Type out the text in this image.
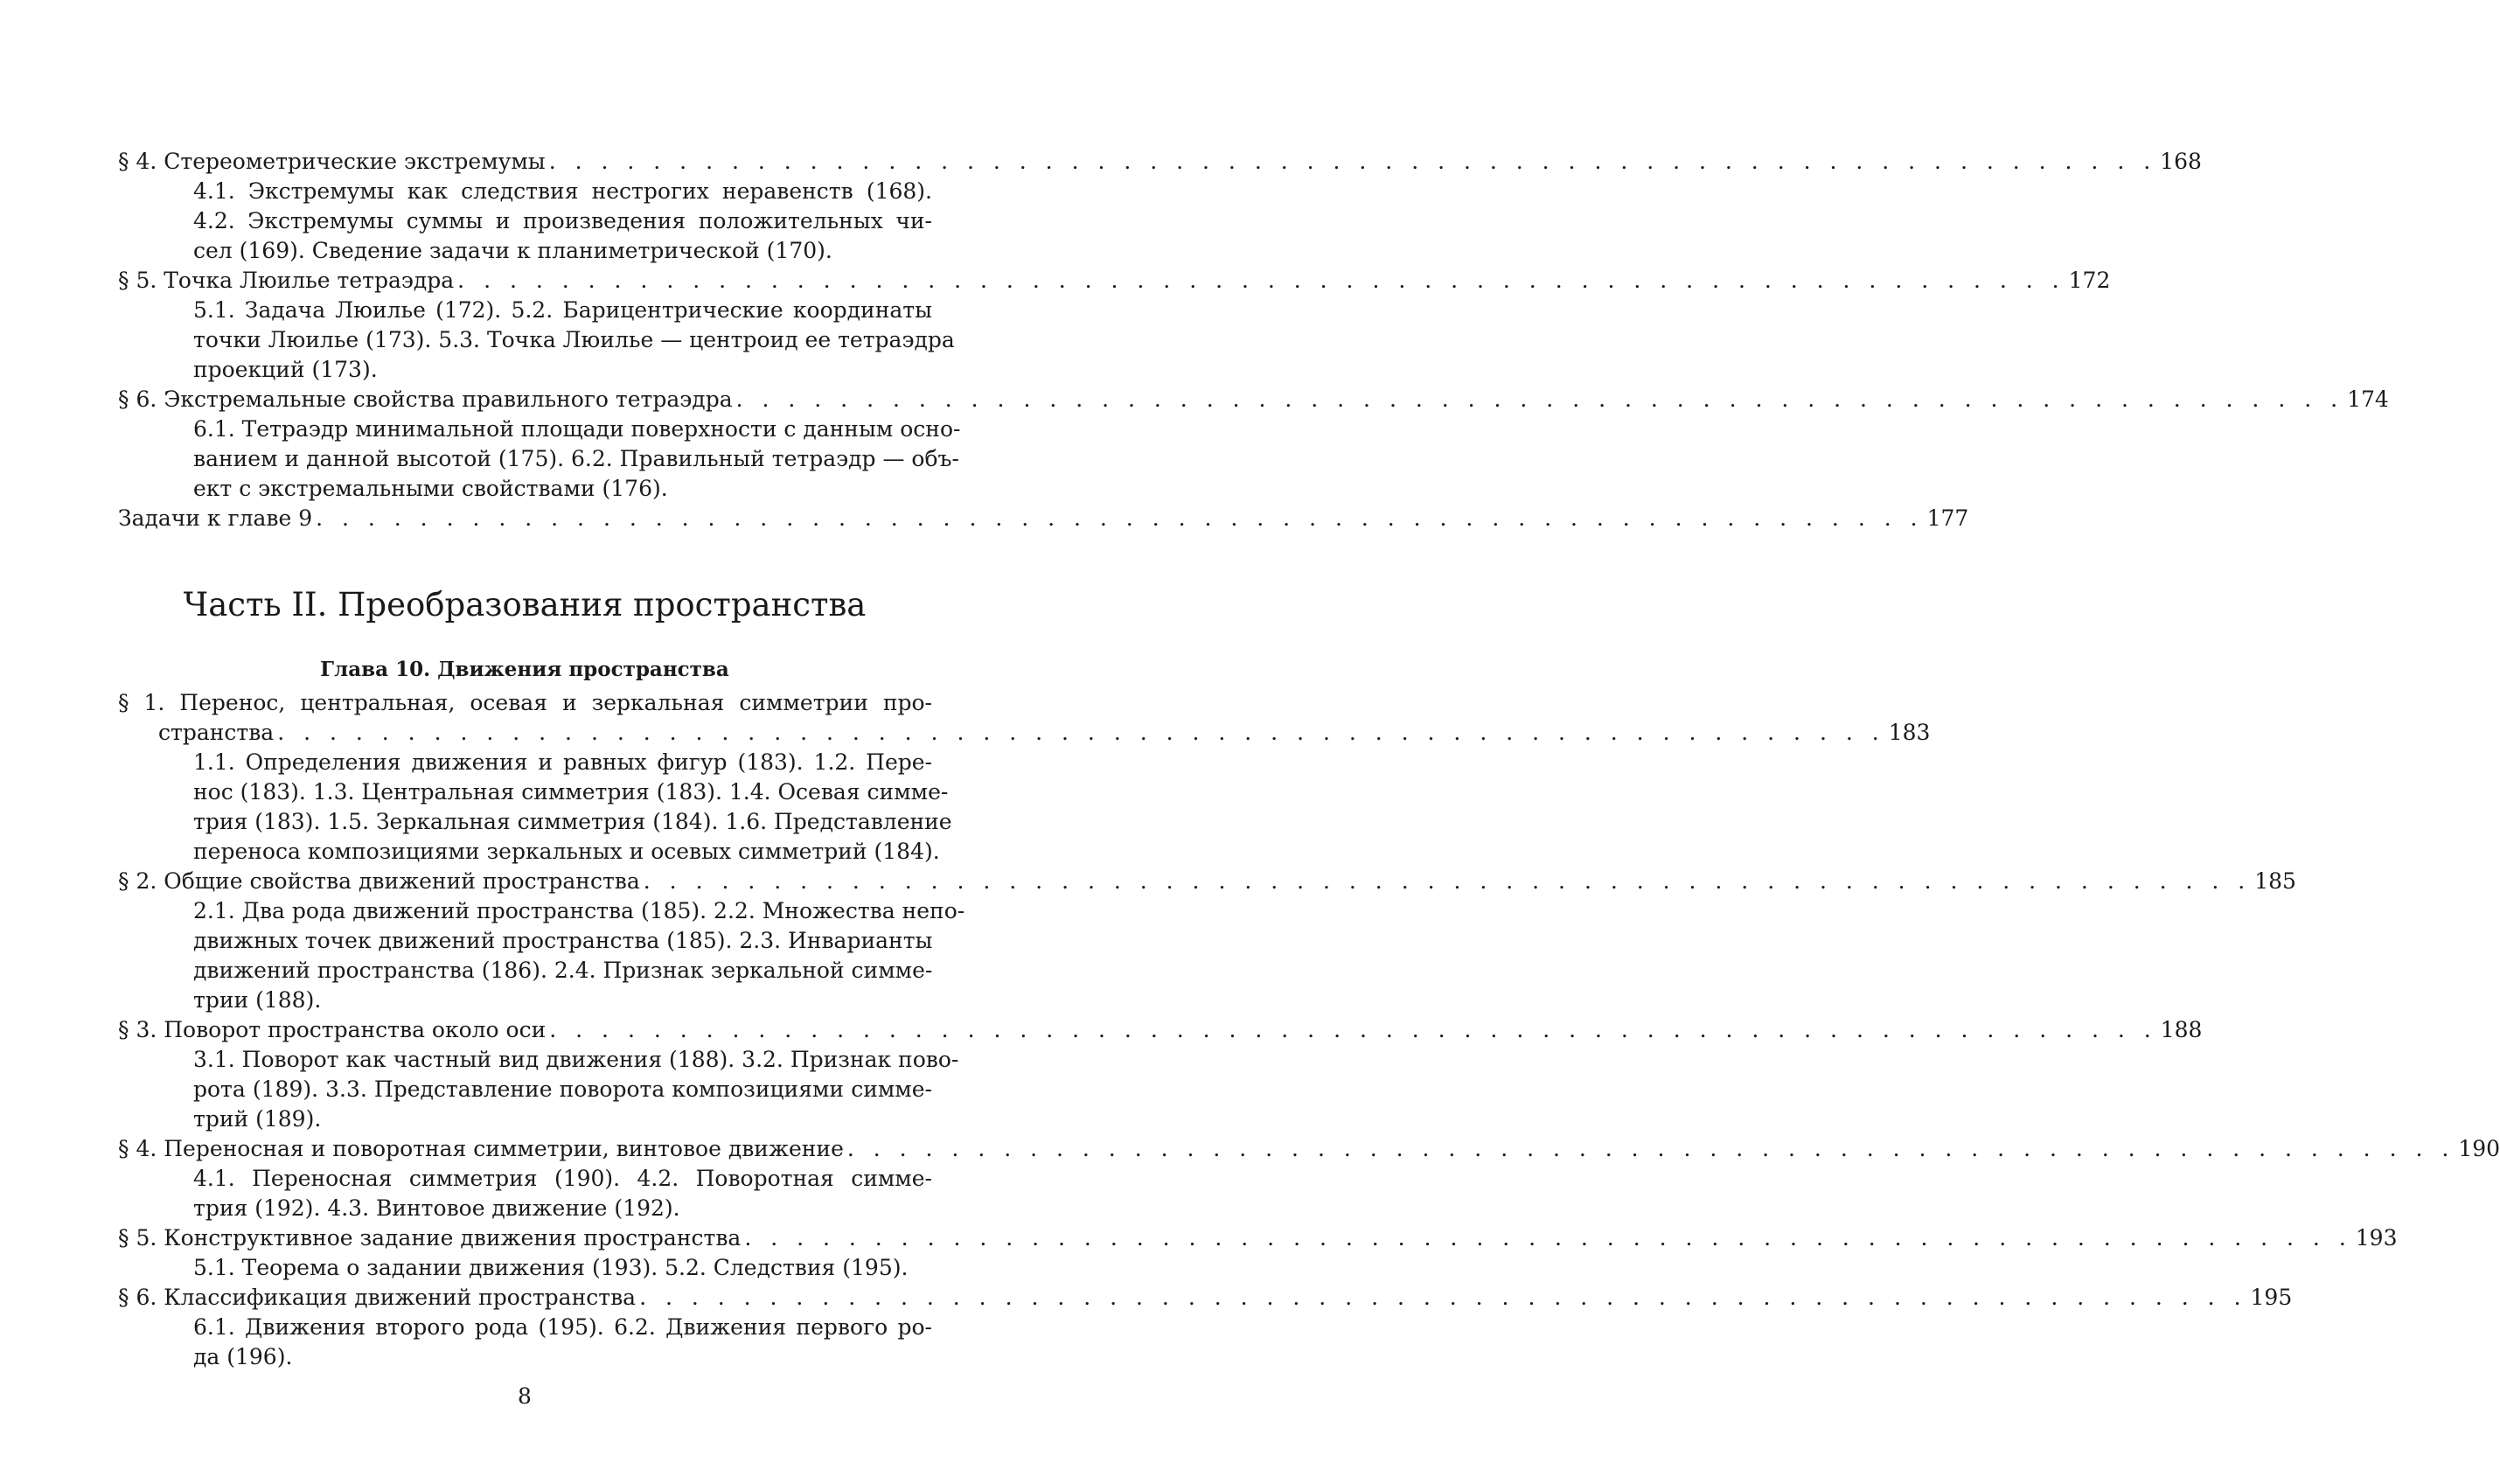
§ 4. Стереометрические экстремумы . . . . . . . . . . . . . . . . . . . . . . . . . . . . . . . . . . . . . . . . . . . . . . . . . . . . . . . . . . . . . . 168
4.1. Экстремумы как следствия нестрогих неравенств (168).
4.2. Экстремумы суммы и произведения положительных чи-
сел (169). Сведение задачи к планиметрической (170).
§ 5. Точка Люилье тетраэдра . . . . . . . . . . . . . . . . . . . . . . . . . . . . . . . . . . . . . . . . . . . . . . . . . . . . . . . . . . . . . . 172
5.1. Задача Люилье (172). 5.2. Барицентрические координаты
точки Люилье (173). 5.3. Точка Люилье — центроид ее тетраэдра
проекций (173).
§ 6. Экстремальные свойства правильного тетраэдра . . . . . . . . . . . . . . . . . . . . . . . . . . . . . . . . . . . . . . . . . . . . . . . . . . . . . . . . . . . . . . 174
6.1. Тетраэдр минимальной площади поверхности с данным осно-
ванием и данной высотой (175). 6.2. Правильный тетраэдр — объ-
ект с экстремальными свойствами (176).
Задачи к главе 9 . . . . . . . . . . . . . . . . . . . . . . . . . . . . . . . . . . . . . . . . . . . . . . . . . . . . . . . . . . . . . . 177
Часть II. Преобразования пространства
Глава 10. Движения пространства
§ 1. Перенос, центральная, осевая и зеркальная симметрии про-
странства . . . . . . . . . . . . . . . . . . . . . . . . . . . . . . . . . . . . . . . . . . . . . . . . . . . . . . . . . . . . . . 183
1.1. Определения движения и равных фигур (183). 1.2. Пере-
нос (183). 1.3. Центральная симметрия (183). 1.4. Осевая симме-
трия (183). 1.5. Зеркальная симметрия (184). 1.6. Представление
переноса композициями зеркальных и осевых симметрий (184).
§ 2. Общие свойства движений пространства . . . . . . . . . . . . . . . . . . . . . . . . . . . . . . . . . . . . . . . . . . . . . . . . . . . . . . . . . . . . . . 185
2.1. Два рода движений пространства (185). 2.2. Множества непо-
движных точек движений пространства (185). 2.3. Инварианты
движений пространства (186). 2.4. Признак зеркальной симме-
трии (188).
§ 3. Поворот пространства около оси . . . . . . . . . . . . . . . . . . . . . . . . . . . . . . . . . . . . . . . . . . . . . . . . . . . . . . . . . . . . . . 188
3.1. Поворот как частный вид движения (188). 3.2. Признак пово-
рота (189). 3.3. Представление поворота композициями симме-
трий (189).
§ 4. Переносная и поворотная симметрии, винтовое движение . . . . . . . . . . . . . . . . . . . . . . . . . . . . . . . . . . . . . . . . . . . . . . . . . . . . . . . . . . . . . . 190
4.1. Переносная симметрия (190). 4.2. Поворотная симме-
трия (192). 4.3. Винтовое движение (192).
§ 5. Конструктивное задание движения пространства . . . . . . . . . . . . . . . . . . . . . . . . . . . . . . . . . . . . . . . . . . . . . . . . . . . . . . . . . . . . . . 193
5.1. Теорема о задании движения (193). 5.2. Следствия (195).
§ 6. Классификация движений пространства . . . . . . . . . . . . . . . . . . . . . . . . . . . . . . . . . . . . . . . . . . . . . . . . . . . . . . . . . . . . . . 195
6.1. Движения второго рода (195). 6.2. Движения первого ро-
да (196).
8
